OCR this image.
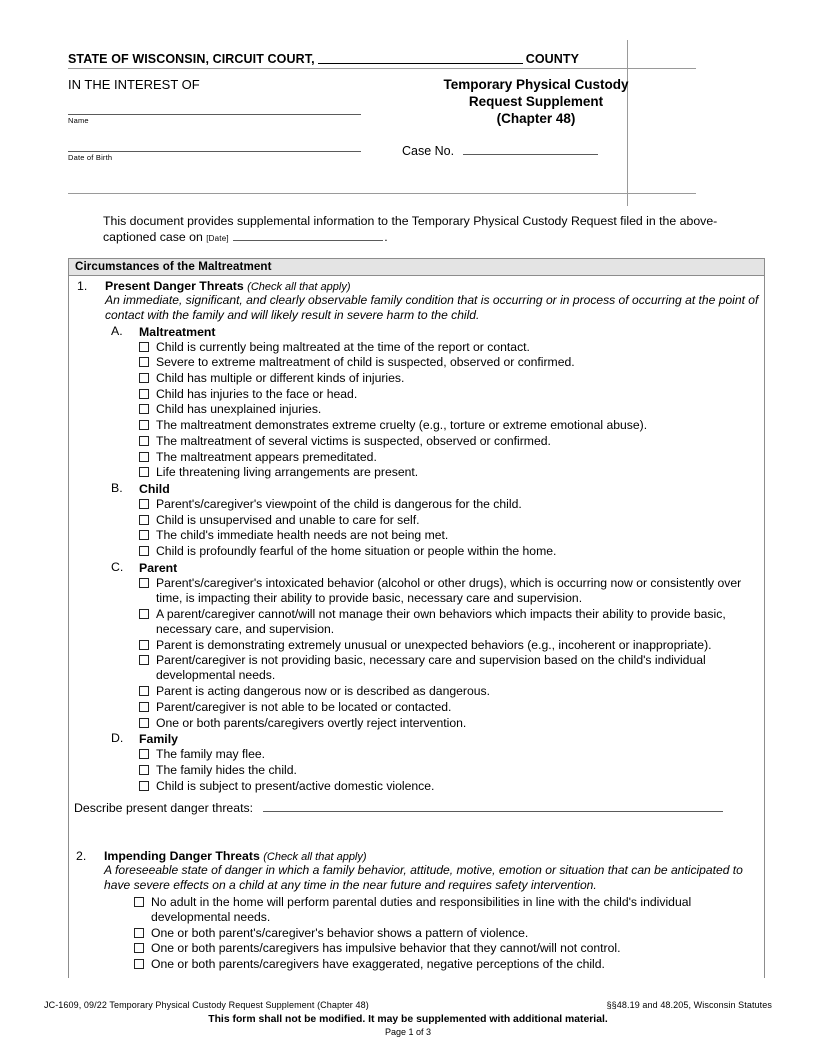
STATE OF WISCONSIN, CIRCUIT COURT,	COUNTY
IN THE INTEREST OF
Name
Date of Birth
Temporary Physical Custody
Request Supplement
(Chapter 48)
Case No.
This document provides supplemental information to the Temporary Physical Custody Request filed in the above-captioned case on [Date]	.
Circumstances of the Maltreatment
1.	Present Danger Threats (Check all that apply)
An immediate, significant, and clearly observable family condition that is occurring or in process of occurring at the point of contact with the family and will likely result in severe harm to the child.
A. Maltreatment
Child is currently being maltreated at the time of the report or contact.
Severe to extreme maltreatment of child is suspected, observed or confirmed.
Child has multiple or different kinds of injuries.
Child has injuries to the face or head.
Child has unexplained injuries.
The maltreatment demonstrates extreme cruelty (e.g., torture or extreme emotional abuse).
The maltreatment of several victims is suspected, observed or confirmed.
The maltreatment appears premeditated.
Life threatening living arrangements are present.
B. Child
Parent's/caregiver's viewpoint of the child is dangerous for the child.
Child is unsupervised and unable to care for self.
The child's immediate health needs are not being met.
Child is profoundly fearful of the home situation or people within the home.
C. Parent
Parent's/caregiver's intoxicated behavior (alcohol or other drugs), which is occurring now or consistently over time, is impacting their ability to provide basic, necessary care and supervision.
A parent/caregiver cannot/will not manage their own behaviors which impacts their ability to provide basic, necessary care, and supervision.
Parent is demonstrating extremely unusual or unexpected behaviors (e.g., incoherent or inappropriate).
Parent/caregiver is not providing basic, necessary care and supervision based on the child's individual developmental needs.
Parent is acting dangerous now or is described as dangerous.
Parent/caregiver is not able to be located or contacted.
One or both parents/caregivers overtly reject intervention.
D. Family
The family may flee.
The family hides the child.
Child is subject to present/active domestic violence.
Describe present danger threats:
2.	Impending Danger Threats (Check all that apply)
A foreseeable state of danger in which a family behavior, attitude, motive, emotion or situation that can be anticipated to have severe effects on a child at any time in the near future and requires safety intervention.
No adult in the home will perform parental duties and responsibilities in line with the child's individual developmental needs.
One or both parent's/caregiver's behavior shows a pattern of violence.
One or both parents/caregivers has impulsive behavior that they cannot/will not control.
One or both parents/caregivers have exaggerated, negative perceptions of the child.
JC-1609, 09/22 Temporary Physical Custody Request Supplement (Chapter 48)	§§48.19 and 48.205, Wisconsin Statutes
This form shall not be modified. It may be supplemented with additional material.
Page 1 of 3
